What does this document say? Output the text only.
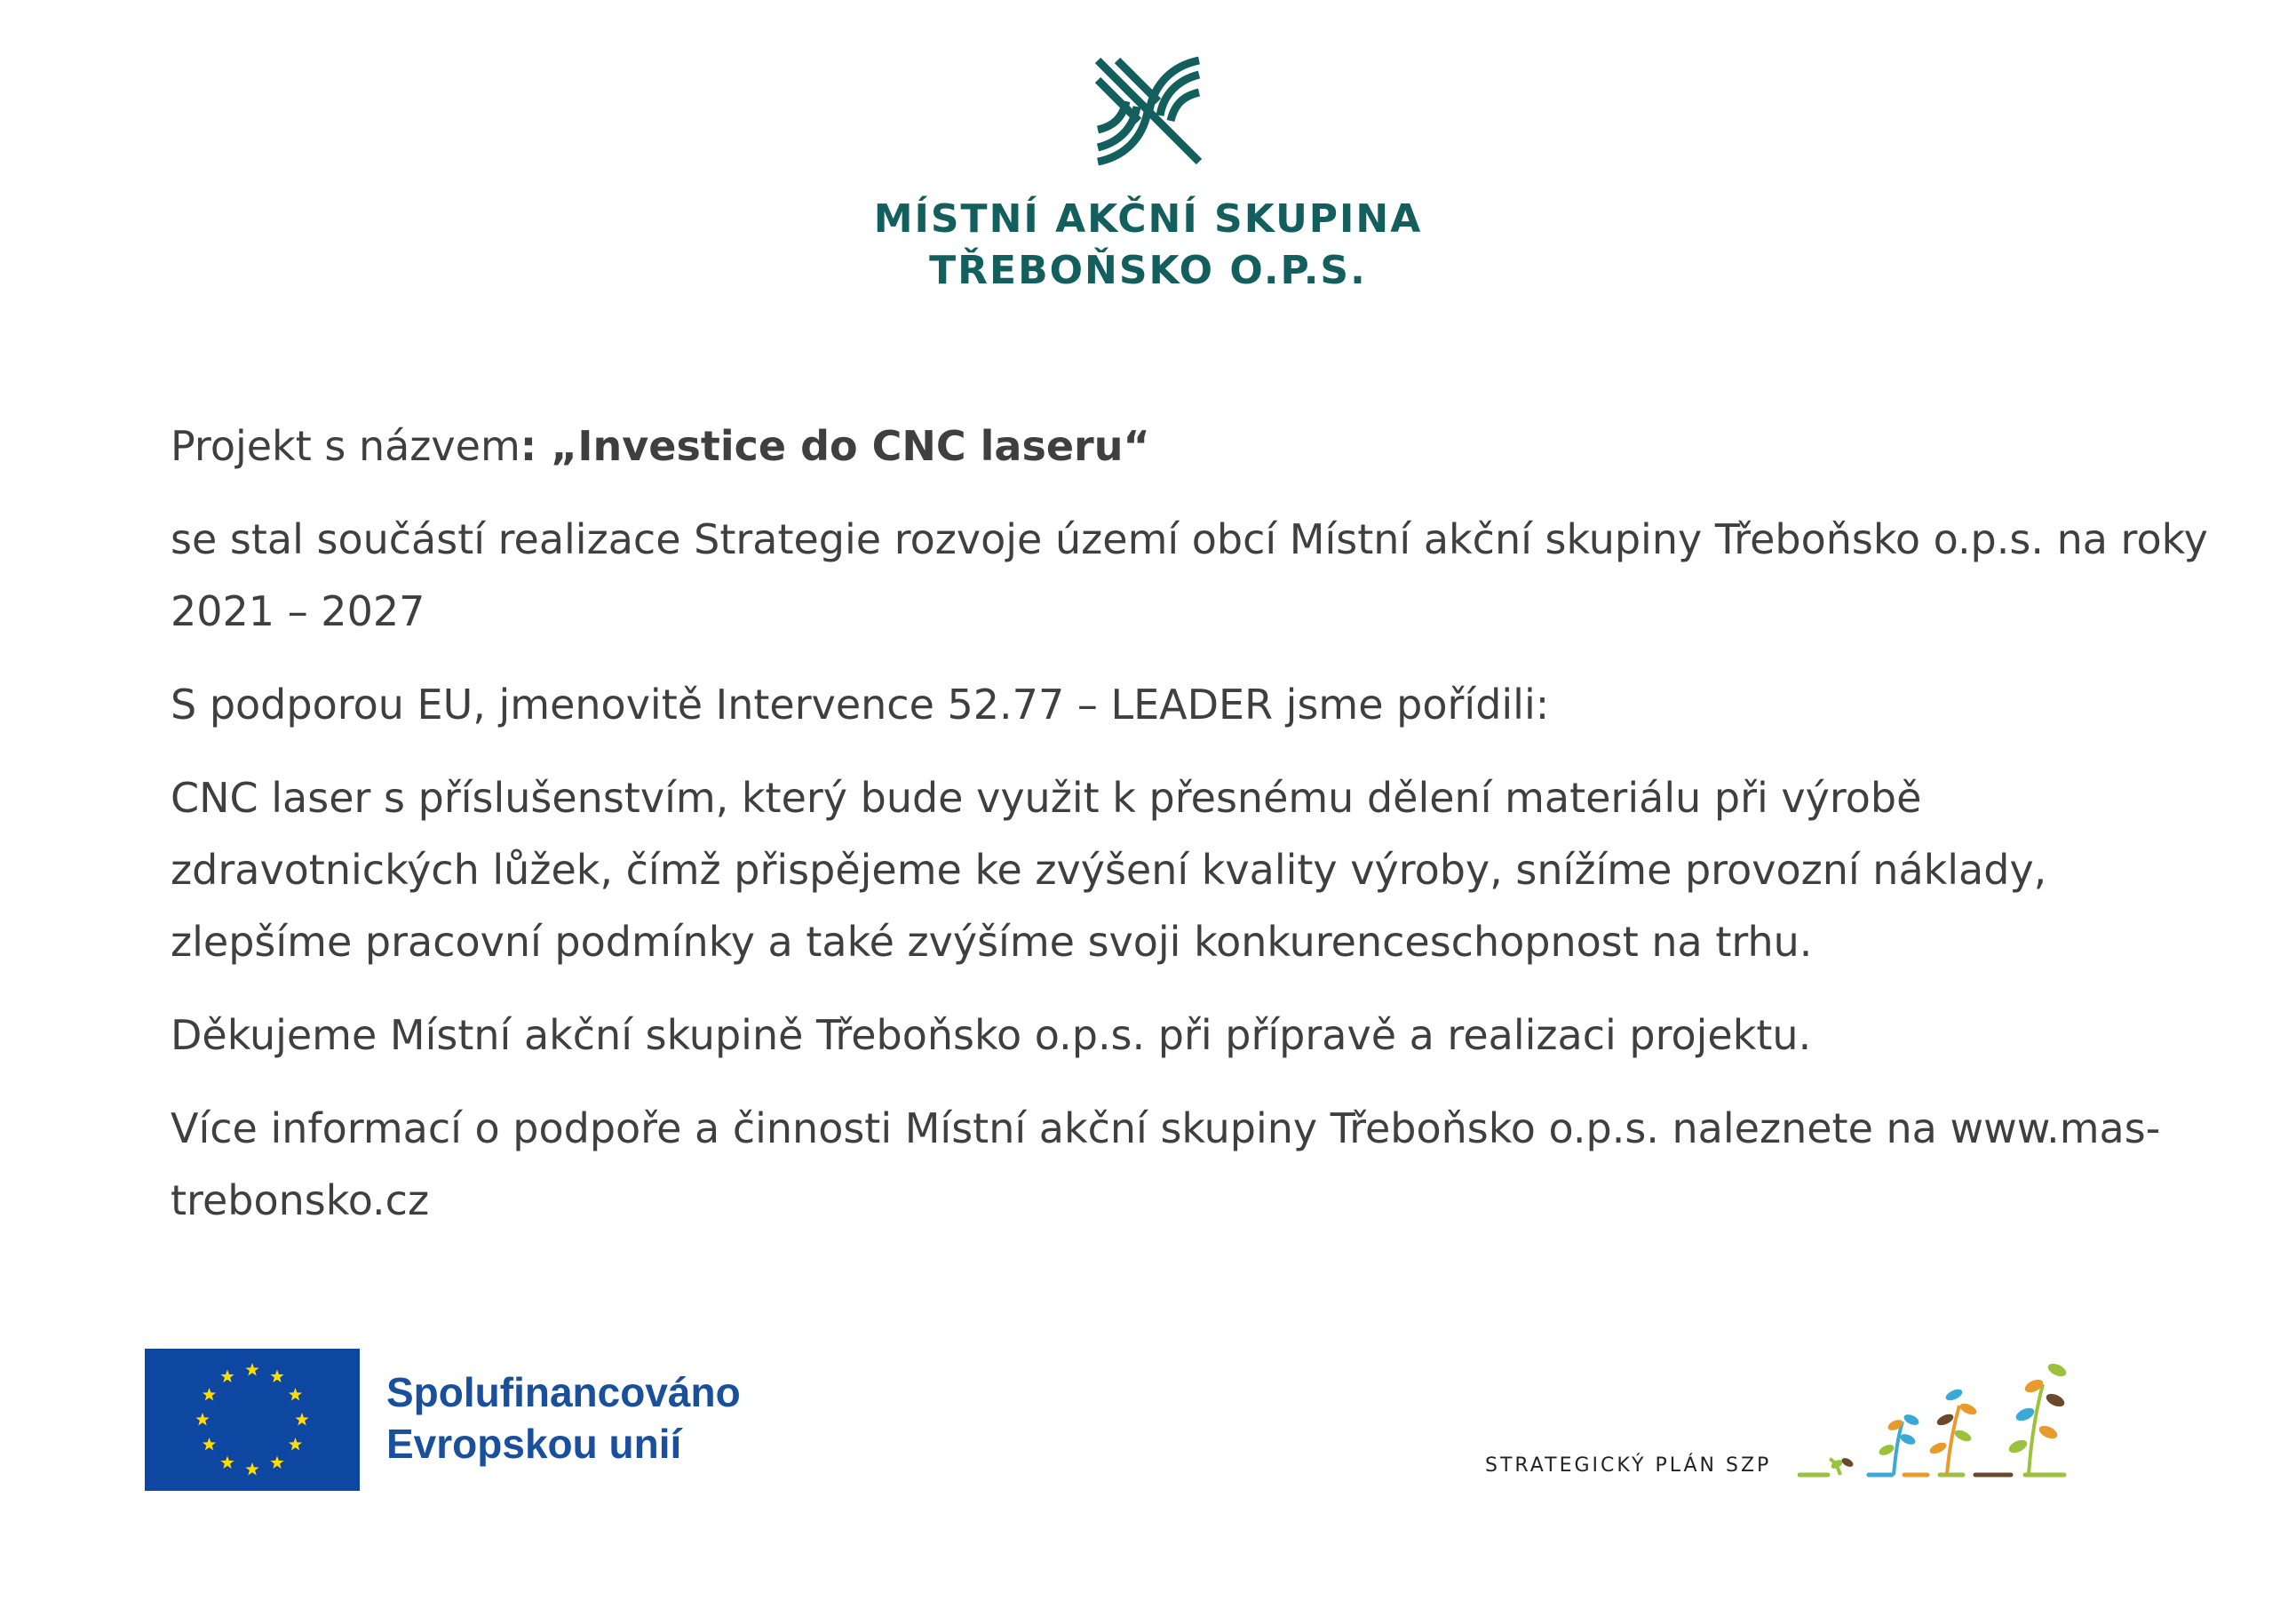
MÍSTNÍ AKČNÍ SKUPINA
TŘEBOŇSKO O.P.S.

Projekt s názvem: „Investice do CNC laseru“

se stal součástí realizace Strategie rozvoje území obcí Místní akční skupiny Třeboňsko o.p.s. na roky 2021 – 2027

S podporou EU, jmenovitě Intervence 52.77 – LEADER jsme pořídili:

CNC laser s příslušenstvím, který bude využit k přesnému dělení materiálu při výrobě zdravotnických lůžek, čímž přispějeme ke zvýšení kvality výroby, snížíme provozní náklady, zlepšíme pracovní podmínky a také zvýšíme svoji konkurenceschopnost na trhu.

Děkujeme Místní akční skupině Třeboňsko o.p.s. při přípravě a realizaci projektu.

Více informací o podpoře a činnosti Místní akční skupiny Třeboňsko o.p.s. naleznete na www.mas-trebonsko.cz

Spolufinancováno
Evropskou unií	STRATEGICKÝ PLÁN SZP
